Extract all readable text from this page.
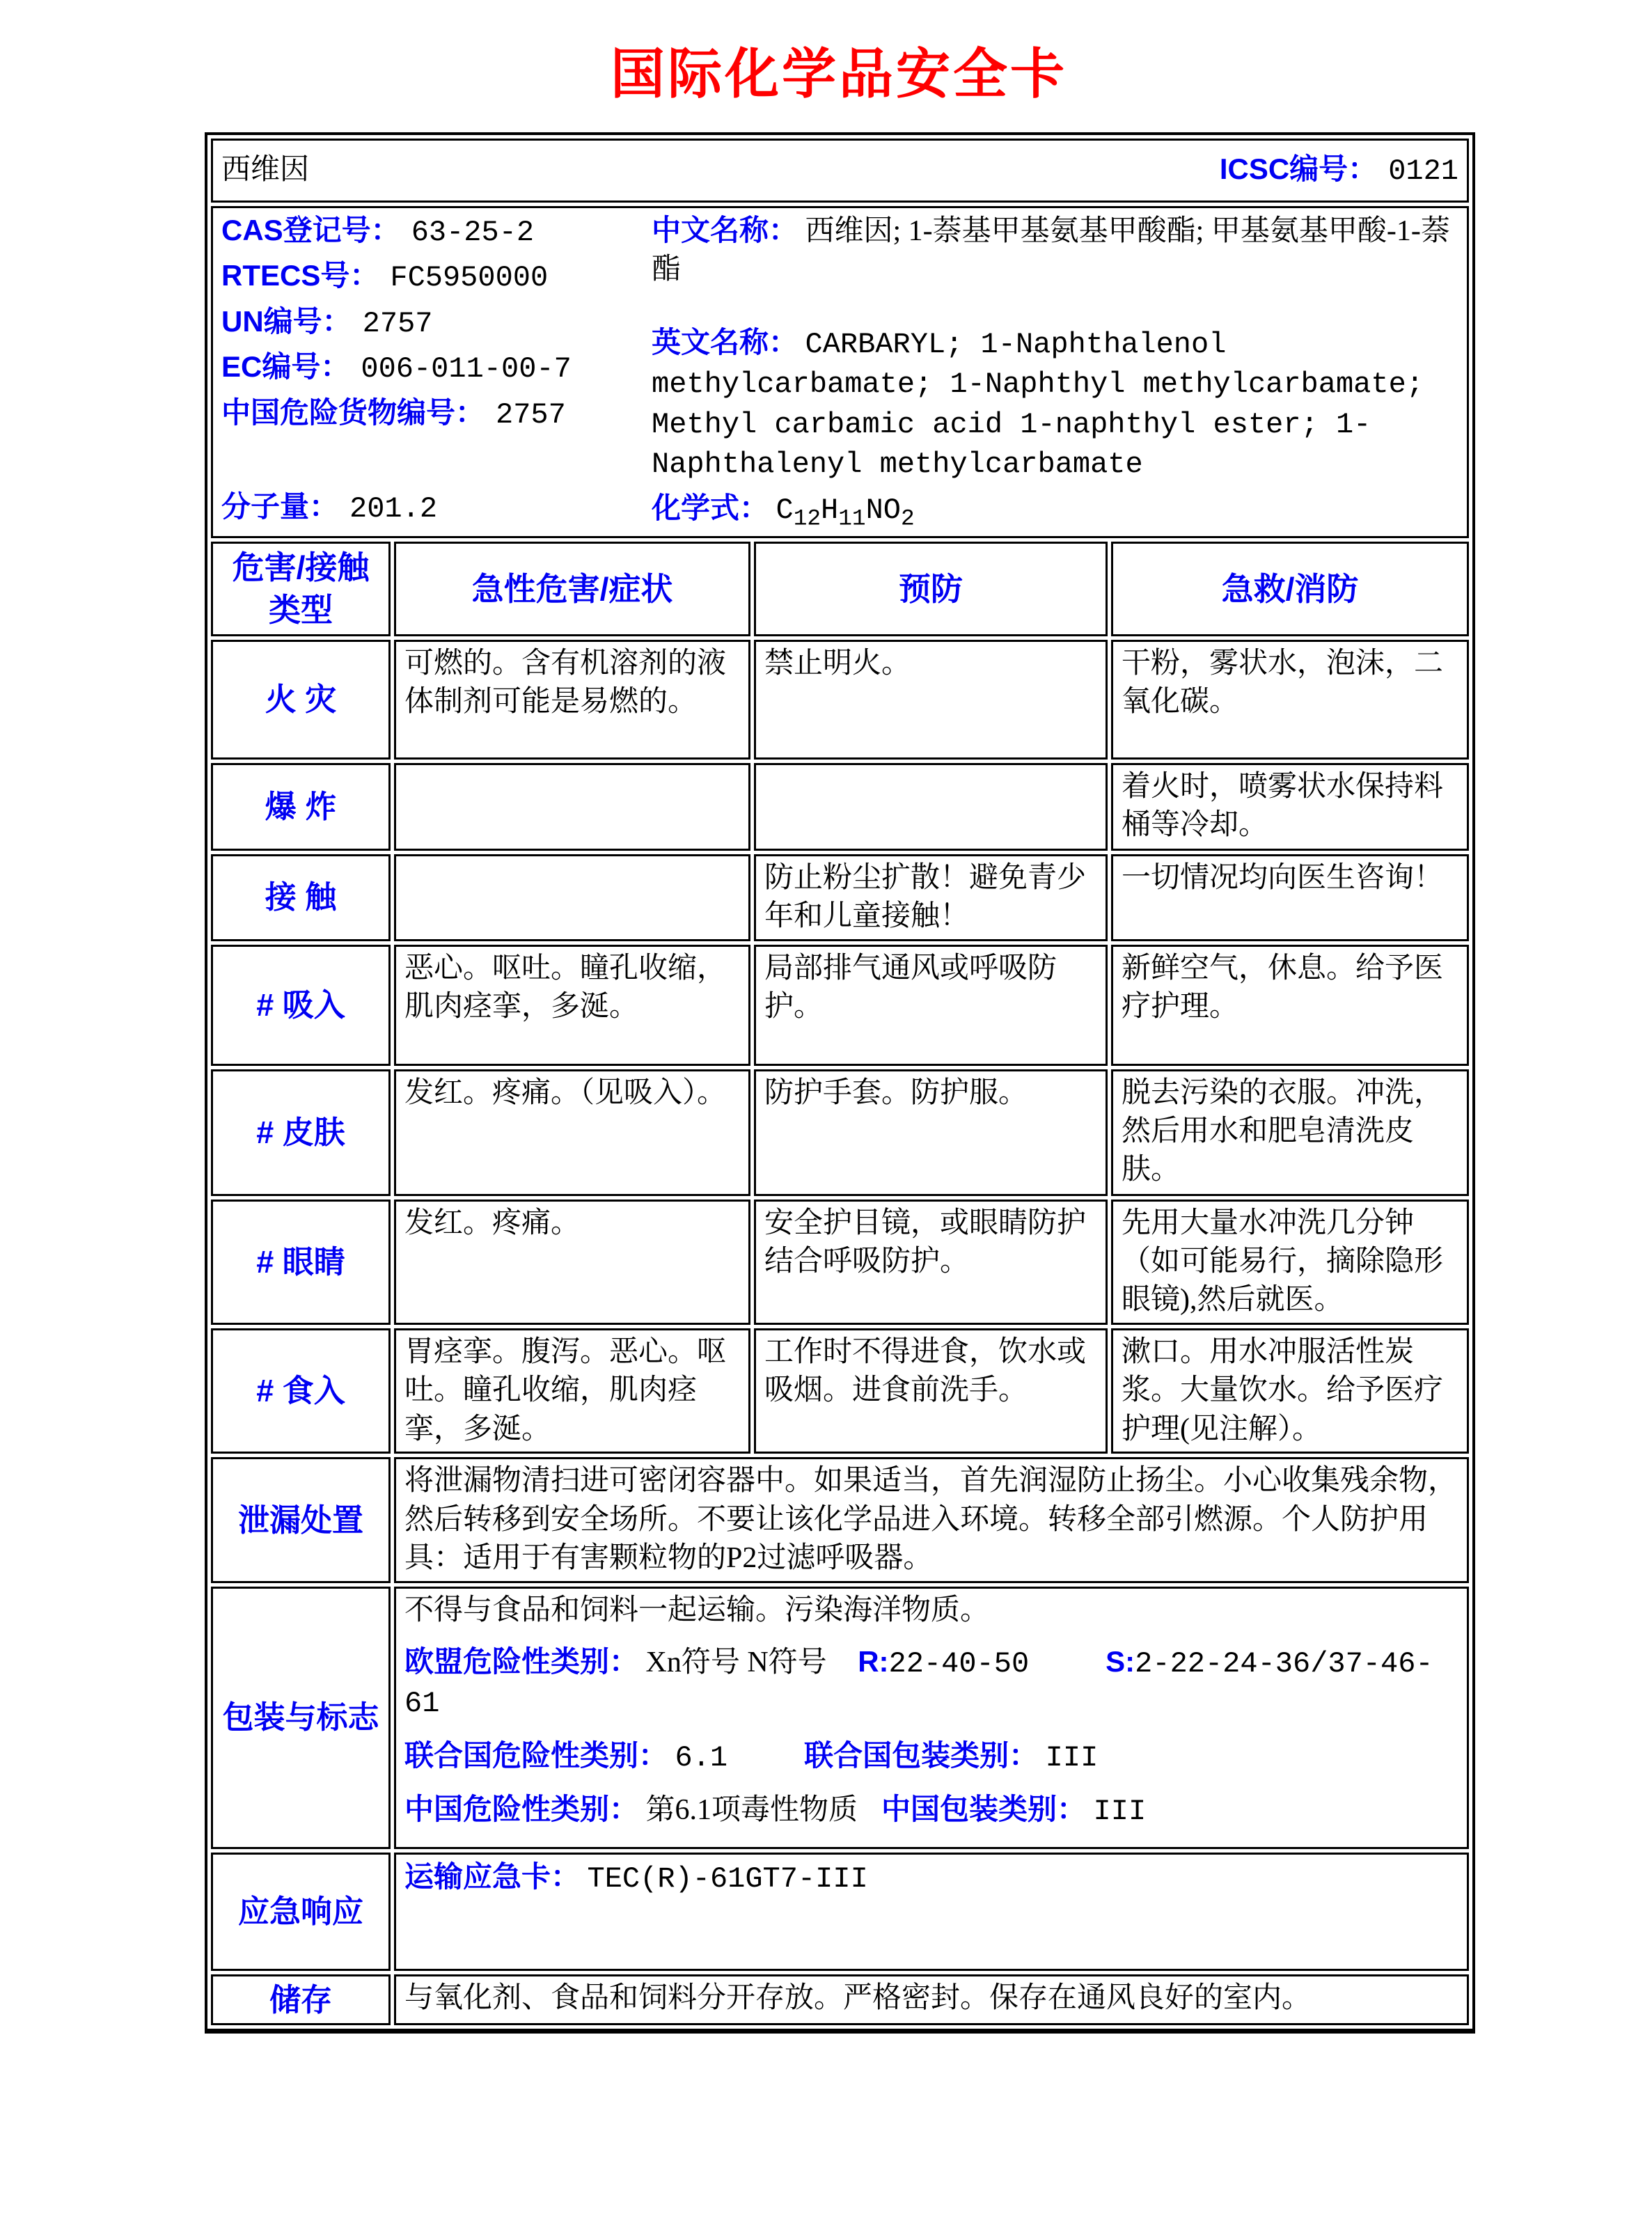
国际化学品安全卡
西维因 ICSC编号： 0121			

CAS登记号： 63-25-2
RTECS号： FC5950000
UN编号： 2757
EC编号： 006-011-00-7
中国危险货物编号： 2757
分子量： 201.2

中文名称： 西维因; 1-萘基甲基氨基甲酸酯; 甲基氨基甲酸-1-萘酯

英文名称： CARBARYL; 1-Naphthalenol methylcarbamate; 1-Naphthyl methylcarbamate; Methyl carbamic acid 1-naphthyl ester; 1-Naphthalenyl methylcarbamate

化学式： $C_{12}H_{11}NO_2$

危害/接触
类型	急性危害/症状	预防	急救/消防
火 灾	可燃的。含有机溶剂的液体制剂可能是易燃的。	禁止明火。	干粉，雾状水，泡沫，二氧化碳。
爆 炸			着火时，喷雾状水保持料桶等冷却。
接 触		防止粉尘扩散！避免青少年和儿童接触！	一切情况均向医生咨询！
# 吸入	恶心。呕吐。瞳孔收缩，肌肉痉挛，多涎。	局部排气通风或呼吸防护。	新鲜空气，休息。给予医疗护理。
# 皮肤	发红。疼痛。（见吸入）。	防护手套。防护服。	脱去污染的衣服。冲洗，然后用水和肥皂清洗皮肤。
# 眼睛	发红。疼痛。	安全护目镜，或眼睛防护结合呼吸防护。	先用大量水冲洗几分钟（如可能易行，摘除隐形眼镜),然后就医。
# 食入	胃痉挛。腹泻。恶心。呕吐。瞳孔收缩，肌肉痉挛，多涎。	工作时不得进食，饮水或吸烟。进食前洗手。	漱口。用水冲服活性炭浆。大量饮水。给予医疗护理(见注解）。
泄漏处置	将泄漏物清扫进可密闭容器中。如果适当，首先润湿防止扬尘。小心收集残余物，然后转移到安全场所。不要让该化学品进入环境。转移全部引燃源。个人防护用具：适用于有害颗粒物的P2过滤呼吸器。		
包装与标志	不得与食品和饲料一起运输。污染海洋物质。

欧盟危险性类别： Xn符号 N符号 R:22-40-50 S:2-22-24-36/37-46-61

联合国危险性类别： 6.1 联合国包装类别： III

中国危险性类别： 第6.1项毒性物质 中国包装类别： III		

应急响应	运输应急卡： TEC(R)-61GT7-III		
储存	与氧化剂、食品和饲料分开存放。严格密封。保存在通风良好的室内。		
